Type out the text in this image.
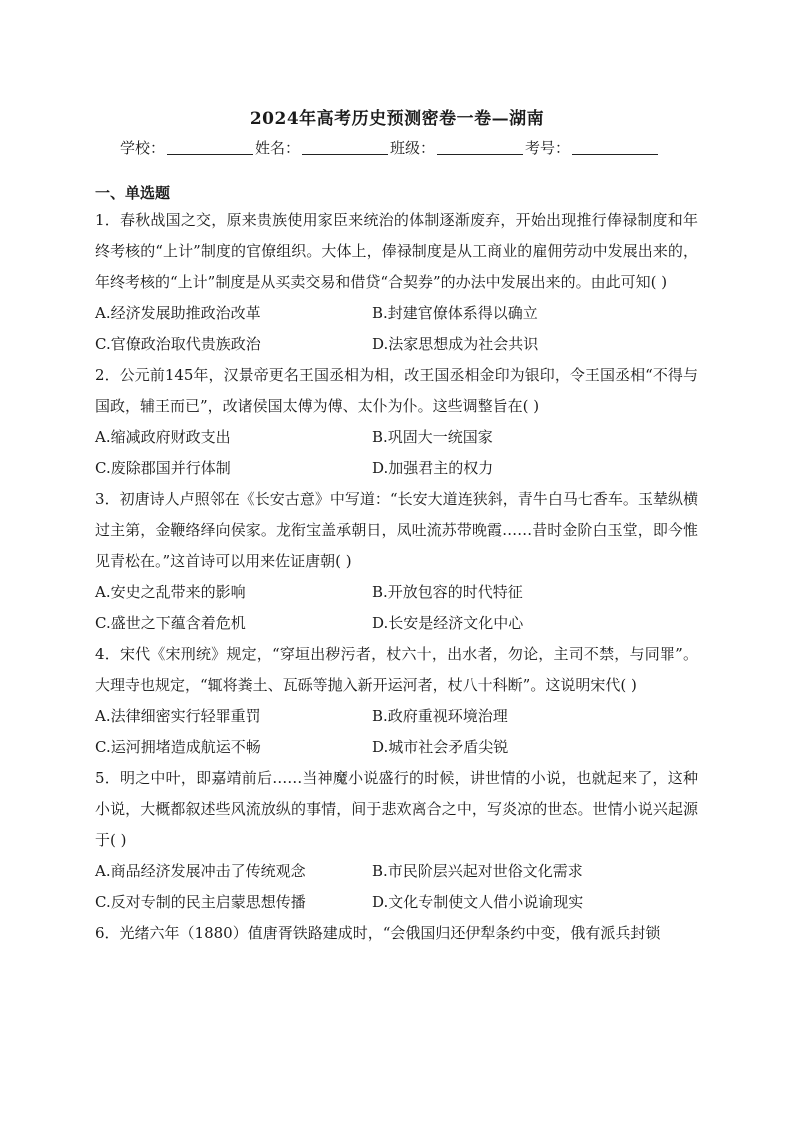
2024年高考历史预测密卷一卷—湖南
学校：	姓名：	班级：	考号：
一、单选题
1．春秋战国之交，原来贵族使用家臣来统治的体制逐渐废弃，开始出现推行俸禄制度和年终考核的“上计”制度的官僚组织。大体上，俸禄制度是从工商业的雇佣劳动中发展出来的，年终考核的“上计”制度是从买卖交易和借贷“合契券”的办法中发展出来的。由此可知( )
A.经济发展助推政治改革	B.封建官僚体系得以确立
C.官僚政治取代贵族政治	D.法家思想成为社会共识
2．公元前145年，汉景帝更名王国丞相为相，改王国丞相金印为银印，令王国丞相“不得与国政，辅王而已”，改诸侯国太傅为傅、太仆为仆。这些调整旨在( )
A.缩减政府财政支出	B.巩固大一统国家
C.废除郡国并行体制	D.加强君主的权力
3．初唐诗人卢照邻在《长安古意》中写道：“长安大道连狭斜，青牛白马七香车。玉辇纵横过主第，金鞭络绎向侯家。龙衔宝盖承朝日，凤吐流苏带晚霞……昔时金阶白玉堂，即今惟见青松在。”这首诗可以用来佐证唐朝( )
A.安史之乱带来的影响	B.开放包容的时代特征
C.盛世之下蕴含着危机	D.长安是经济文化中心
4．宋代《宋刑统》规定，“穿垣出秽污者，杖六十，出水者，勿论，主司不禁，与同罪”。大理寺也规定，“辄将粪土、瓦砾等抛入新开运河者，杖八十科断”。这说明宋代( )
A.法律细密实行轻罪重罚	B.政府重视环境治理
C.运河拥堵造成航运不畅	D.城市社会矛盾尖锐
5．明之中叶，即嘉靖前后……当神魔小说盛行的时候，讲世情的小说，也就起来了，这种小说，大概都叙述些风流放纵的事情，间于悲欢离合之中，写炎凉的世态。世情小说兴起源于( )
A.商品经济发展冲击了传统观念	B.市民阶层兴起对世俗文化需求
C.反对专制的民主启蒙思想传播	D.文化专制使文人借小说谕现实
6．光绪六年（1880）值唐胥铁路建成时，“会俄国归还伊犁条约中变，俄有派兵封锁
